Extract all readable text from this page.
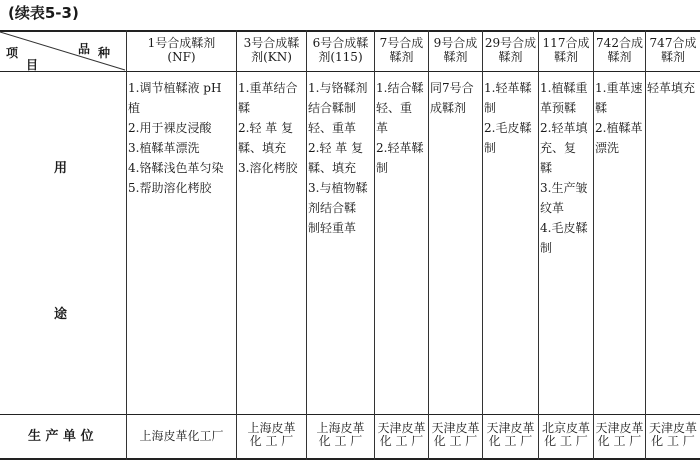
(续表5-3)
项
目
品 种
用
途
生 产 单 位
1号合成鞣剂
(NF)
1.调节植鞣液 pH
植
2.用于裸皮浸酸
3.植鞣革漂洗
4.铬鞣浅色革匀染
5.帮助溶化栲胶
上海皮革化工厂
3号合成鞣
剂(KN)
1.重革结合
鞣
2.轻 革 复
鞣、填充
3.溶化栲胶
上海皮革
化 工 厂
6号合成鞣
剂(115)
1.与铬鞣剂
结合鞣制
轻、重革
2.轻 革 复
鞣、填充
3.与植物鞣
剂结合鞣
制轻重革
上海皮革
化 工 厂
7号合成
鞣剂
1.结合鞣
轻、重
革
2.轻革鞣
制
天津皮革
化 工 厂
9号合成
鞣剂
同7号合
成鞣剂
天津皮革
化 工 厂
29号合成
鞣剂
1.轻革鞣
制
2.毛皮鞣
制
天津皮革
化 工 厂
117合成
鞣剂
1.植鞣重
革预鞣
2.轻革填
充、复
鞣
3.生产皱
纹革
4.毛皮鞣
制
北京皮革
化 工 厂
742合成
鞣剂
1.重革速
鞣
2.植鞣革
漂洗
天津皮革
化 工 厂
747合成
鞣剂
轻革填充
天津皮革
化 工 厂
